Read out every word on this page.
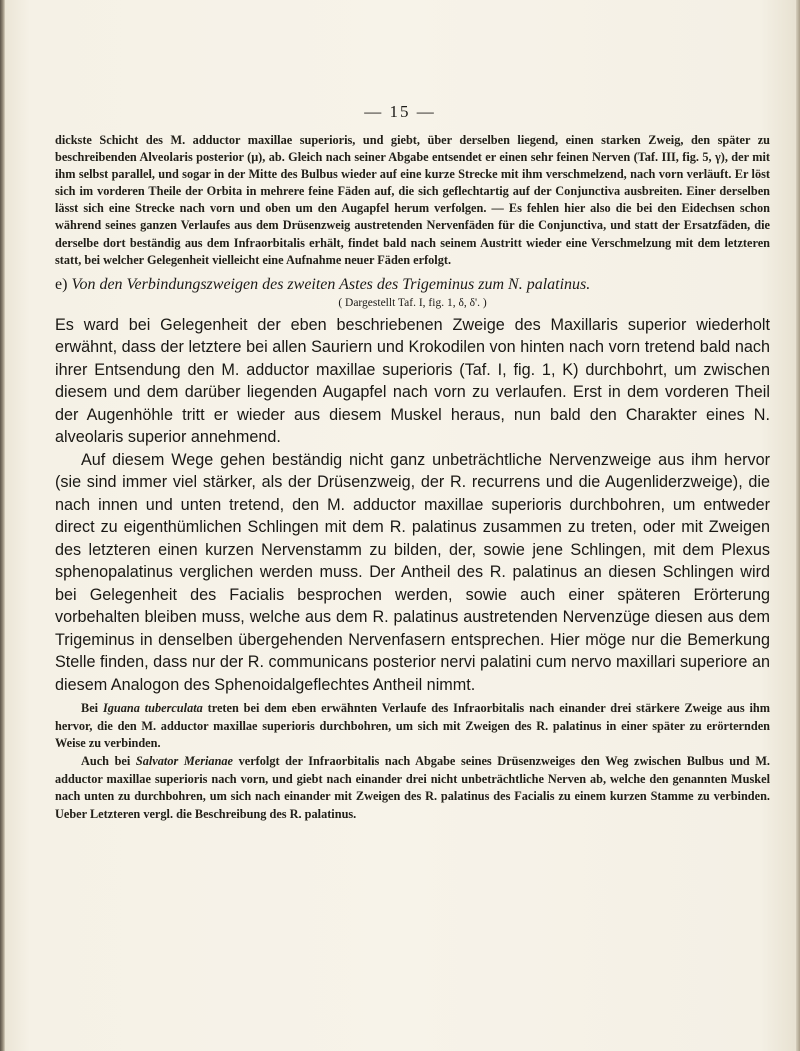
— 15 —

dickste Schicht des M. adductor maxillae superioris, und giebt, über derselben liegend, einen starken Zweig, den später zu beschreibenden Alveolaris posterior (μ), ab. Gleich nach seiner Abgabe entsendet er einen sehr feinen Nerven (Taf. III, fig. 5, γ), der mit ihm selbst parallel, und sogar in der Mitte des Bulbus wieder auf eine kurze Strecke mit ihm verschmelzend, nach vorn verläuft. Er löst sich im vorderen Theile der Orbita in mehrere feine Fäden auf, die sich geflechtartig auf der Conjunctiva ausbreiten. Einer derselben lässt sich eine Strecke nach vorn und oben um den Augapfel herum verfolgen. — Es fehlen hier also die bei den Eidechsen schon während seines ganzen Verlaufes aus dem Drüsenzweig austretenden Nervenfäden für die Conjunctiva, und statt der Ersatzfäden, die derselbe dort beständig aus dem Infraorbitalis erhält, findet bald nach seinem Austritt wieder eine Verschmelzung mit dem letzteren statt, bei welcher Gelegenheit vielleicht eine Aufnahme neuer Fäden erfolgt.

e) Von den Verbindungszweigen des zweiten Astes des Trigeminus zum N. palatinus.
( Dargestellt Taf. I, fig. 1, δ, δ'. )

Es ward bei Gelegenheit der eben beschriebenen Zweige des Maxillaris superior wiederholt erwähnt, dass der letztere bei allen Sauriern und Krokodilen von hinten nach vorn tretend bald nach ihrer Entsendung den M. adductor maxillae superioris (Taf. I, fig. 1, K) durchbohrt, um zwischen diesem und dem darüber liegenden Augapfel nach vorn zu verlaufen. Erst in dem vorderen Theil der Augenhöhle tritt er wieder aus diesem Muskel heraus, nun bald den Charakter eines N. alveolaris superior annehmend.

Auf diesem Wege gehen beständig nicht ganz unbeträchtliche Nervenzweige aus ihm hervor (sie sind immer viel stärker, als der Drüsenzweig, der R. recurrens und die Augenliderzweige), die nach innen und unten tretend, den M. adductor maxillae superioris durchbohren, um entweder direct zu eigenthümlichen Schlingen mit dem R. palatinus zusammen zu treten, oder mit Zweigen des letzteren einen kurzen Nervenstamm zu bilden, der, sowie jene Schlingen, mit dem Plexus sphenopalatinus verglichen werden muss. Der Antheil des R. palatinus an diesen Schlingen wird bei Gelegenheit des Facialis besprochen werden, sowie auch einer späteren Erörterung vorbehalten bleiben muss, welche aus dem R. palatinus austretenden Nervenzüge diesen aus dem Trigeminus in denselben übergehenden Nervenfasern entsprechen. Hier möge nur die Bemerkung Stelle finden, dass nur der R. communicans posterior nervi palatini cum nervo maxillari superiore an diesem Analogon des Sphenoidalgeflechtes Antheil nimmt.

Bei Iguana tuberculata treten bei dem eben erwähnten Verlaufe des Infraorbitalis nach einander drei stärkere Zweige aus ihm hervor, die den M. adductor maxillae superioris durchbohren, um sich mit Zweigen des R. palatinus in einer später zu erörternden Weise zu verbinden.

Auch bei Salvator Merianae verfolgt der Infraorbitalis nach Abgabe seines Drüsenzweiges den Weg zwischen Bulbus und M. adductor maxillae superioris nach vorn, und giebt nach einander drei nicht unbeträchtliche Nerven ab, welche den genannten Muskel nach unten zu durchbohren, um sich nach einander mit Zweigen des R. palatinus des Facialis zu einem kurzen Stamme zu verbinden. Ueber Letzteren vergl. die Beschreibung des R. palatinus.
